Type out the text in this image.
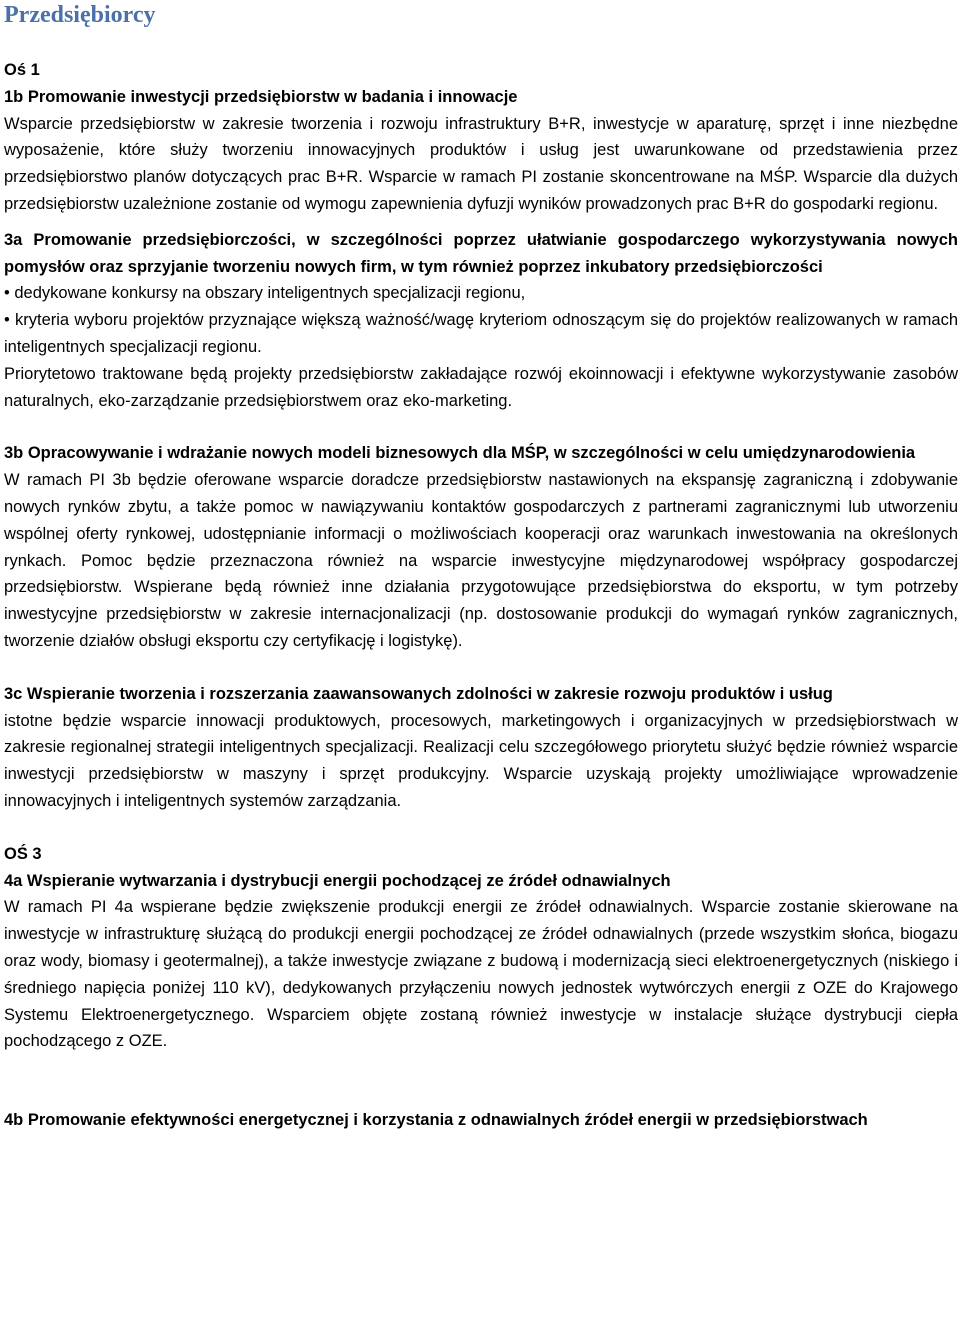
Przedsiębiorcy

Oś 1

1b Promowanie inwestycji przedsiębiorstw w badania i innowacje

Wsparcie przedsiębiorstw w zakresie tworzenia i rozwoju infrastruktury B+R, inwestycje w aparaturę, sprzęt i inne niezbędne wyposażenie, które służy tworzeniu innowacyjnych produktów i usług jest uwarunkowane od przedstawienia przez przedsiębiorstwo planów dotyczących prac B+R. Wsparcie w ramach PI zostanie skoncentrowane na MŚP. Wsparcie dla dużych przedsiębiorstw uzależnione zostanie od wymogu zapewnienia dyfuzji wyników prowadzonych prac B+R do gospodarki regionu.

3a Promowanie przedsiębiorczości, w szczególności poprzez ułatwianie gospodarczego wykorzystywania nowych pomysłów oraz sprzyjanie tworzeniu nowych firm, w tym również poprzez inkubatory przedsiębiorczości

• dedykowane konkursy na obszary inteligentnych specjalizacji regionu,
• kryteria wyboru projektów przyznające większą ważność/wagę kryteriom odnoszącym się do projektów realizowanych w ramach inteligentnych specjalizacji regionu.

Priorytetowo traktowane będą projekty przedsiębiorstw zakładające rozwój ekoinnowacji i efektywne wykorzystywanie zasobów naturalnych, eko-zarządzanie przedsiębiorstwem oraz eko-marketing.

3b Opracowywanie i wdrażanie nowych modeli biznesowych dla MŚP, w szczególności w celu umiędzynarodowienia

W ramach PI 3b będzie oferowane wsparcie doradcze przedsiębiorstw nastawionych na ekspansję zagraniczną i zdobywanie nowych rynków zbytu, a także pomoc w nawiązywaniu kontaktów gospodarczych z partnerami zagranicznymi lub utworzeniu wspólnej oferty rynkowej, udostępnianie informacji o możliwościach kooperacji oraz warunkach inwestowania na określonych rynkach. Pomoc będzie przeznaczona również na wsparcie inwestycyjne międzynarodowej współpracy gospodarczej przedsiębiorstw. Wspierane będą również inne działania przygotowujące przedsiębiorstwa do eksportu, w tym potrzeby inwestycyjne przedsiębiorstw w zakresie internacjonalizacji (np. dostosowanie produkcji do wymagań rynków zagranicznych, tworzenie działów obsługi eksportu czy certyfikację i logistykę).

3c Wspieranie tworzenia i rozszerzania zaawansowanych zdolności w zakresie rozwoju produktów i usług

istotne będzie wsparcie innowacji produktowych, procesowych, marketingowych i organizacyjnych w przedsiębiorstwach w zakresie regionalnej strategii inteligentnych specjalizacji. Realizacji celu szczegółowego priorytetu służyć będzie również wsparcie inwestycji przedsiębiorstw w maszyny i sprzęt produkcyjny. Wsparcie uzyskają projekty umożliwiające wprowadzenie innowacyjnych i inteligentnych systemów zarządzania.

OŚ 3

4a Wspieranie wytwarzania i dystrybucji energii pochodzącej ze źródeł odnawialnych

W ramach PI 4a wspierane będzie zwiększenie produkcji energii ze źródeł odnawialnych. Wsparcie zostanie skierowane na inwestycje w infrastrukturę służącą do produkcji energii pochodzącej ze źródeł odnawialnych (przede wszystkim słońca, biogazu oraz wody, biomasy i geotermalnej), a także inwestycje związane z budową i modernizacją sieci elektroenergetycznych (niskiego i średniego napięcia poniżej 110 kV), dedykowanych przyłączeniu nowych jednostek wytwórczych energii z OZE do Krajowego Systemu Elektroenergetycznego. Wsparciem objęte zostaną również inwestycje w instalacje służące dystrybucji ciepła pochodzącego z OZE.

4b Promowanie efektywności energetycznej i korzystania z odnawialnych źródeł energii w przedsiębiorstwach
